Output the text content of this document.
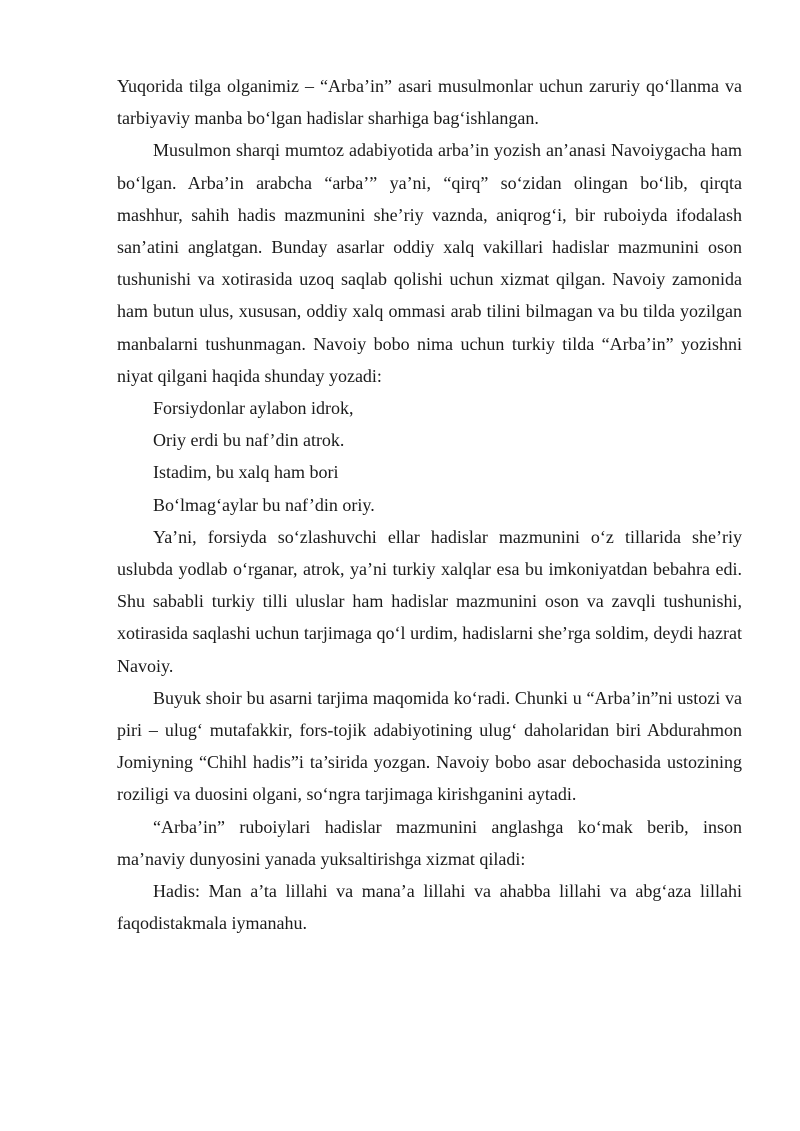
Yuqorida tilga olganimiz – “Arba’in” asari musulmonlar uchun zaruriy qo‘llanma va tarbiyaviy manba bo‘lgan hadislar sharhiga bag‘ishlangan.

Musulmon sharqi mumtoz adabiyotida arba’in yozish an’anasi Navoiygacha ham bo‘lgan. Arba’in arabcha “arba’” ya’ni, “qirq” so‘zidan olingan bo‘lib, qirqta mashhur, sahih hadis mazmunini she’riy vaznda, aniqrog‘i, bir ruboiyda ifodalash san’atini anglatgan. Bunday asarlar oddiy xalq vakillari hadislar mazmunini oson tushunishi va xotirasida uzoq saqlab qolishi uchun xizmat qilgan. Navoiy zamonida ham butun ulus, xususan, oddiy xalq ommasi arab tilini bilmagan va bu tilda yozilgan manbalarni tushunmagan. Navoiy bobo nima uchun turkiy tilda “Arba’in” yozishni niyat qilgani haqida shunday yozadi:

Forsiydonlar aylabon idrok,

Oriy erdi bu naf’din atrok.

Istadim, bu xalq ham bori

Bo‘lmag‘aylar bu naf’din oriy.

Ya’ni, forsiyda so‘zlashuvchi ellar hadislar mazmunini o‘z tillarida she’riy uslubda yodlab o‘rganar, atrok, ya’ni turkiy xalqlar esa bu imkoniyatdan bebahra edi. Shu sababli turkiy tilli uluslar ham hadislar mazmunini oson va zavqli tushunishi, xotirasida saqlashi uchun tarjimaga qo‘l urdim, hadislarni she’rga soldim, deydi hazrat Navoiy.

Buyuk shoir bu asarni tarjima maqomida ko‘radi. Chunki u “Arba’in”ni ustozi va piri – ulug‘ mutafakkir, fors-tojik adabiyotining ulug‘ daholaridan biri Abdurahmon Jomiyning “Chihl hadis”i ta’sirida yozgan. Navoiy bobo asar debochasida ustozining roziligi va duosini olgani, so‘ngra tarjimaga kirishganini aytadi.

“Arba’in” ruboiylari hadislar mazmunini anglashga ko‘mak berib, inson ma’naviy dunyosini yanada yuksaltirishga xizmat qiladi:

Hadis: Man a’ta lillahi va mana’a lillahi va ahabba lillahi va abg‘aza lillahi faqodistakmala iymanahu.
